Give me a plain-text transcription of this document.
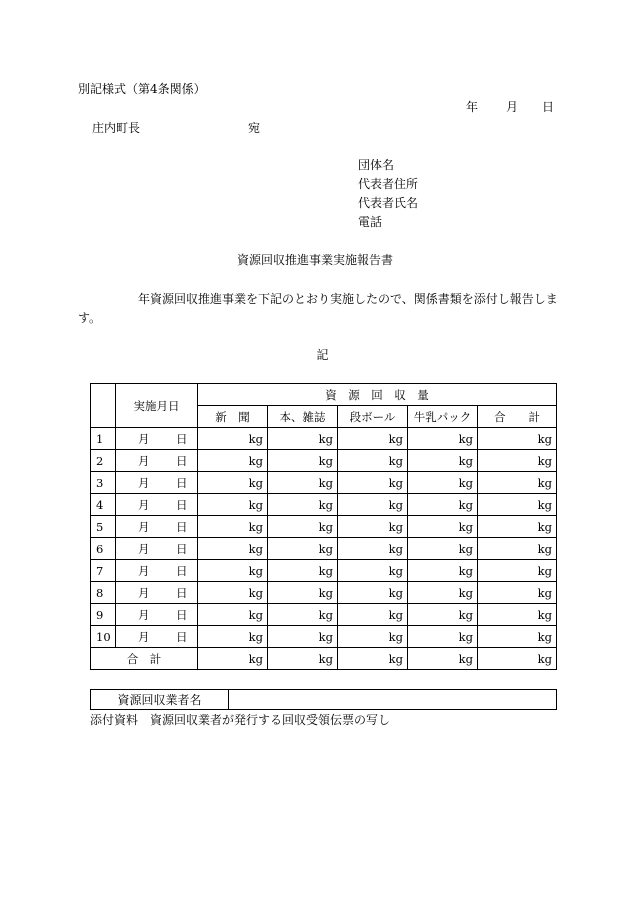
別記様式（第4条関係）
年 月 日
庄内町長	宛
団体名
代表者住所
代表者氏名
電話
資源回収推進事業実施報告書
年資源回収推進事業を下記のとおり実施したので、関係書類を添付し報告しま
す。
記
	実施月日	資　源　回　収　量				
		新　聞	本、雑誌	段ボール	牛乳パック	合　　計
1	月 日	kg	kg	kg	kg	kg
2	月 日	kg	kg	kg	kg	kg
3	月 日	kg	kg	kg	kg	kg
4	月 日	kg	kg	kg	kg	kg
5	月 日	kg	kg	kg	kg	kg
6	月 日	kg	kg	kg	kg	kg
7	月 日	kg	kg	kg	kg	kg
8	月 日	kg	kg	kg	kg	kg
9	月 日	kg	kg	kg	kg	kg
10	月 日	kg	kg	kg	kg	kg
合　計		kg	kg	kg	kg	kg
資源回収業者名	
添付資料　資源回収業者が発行する回収受領伝票の写し
